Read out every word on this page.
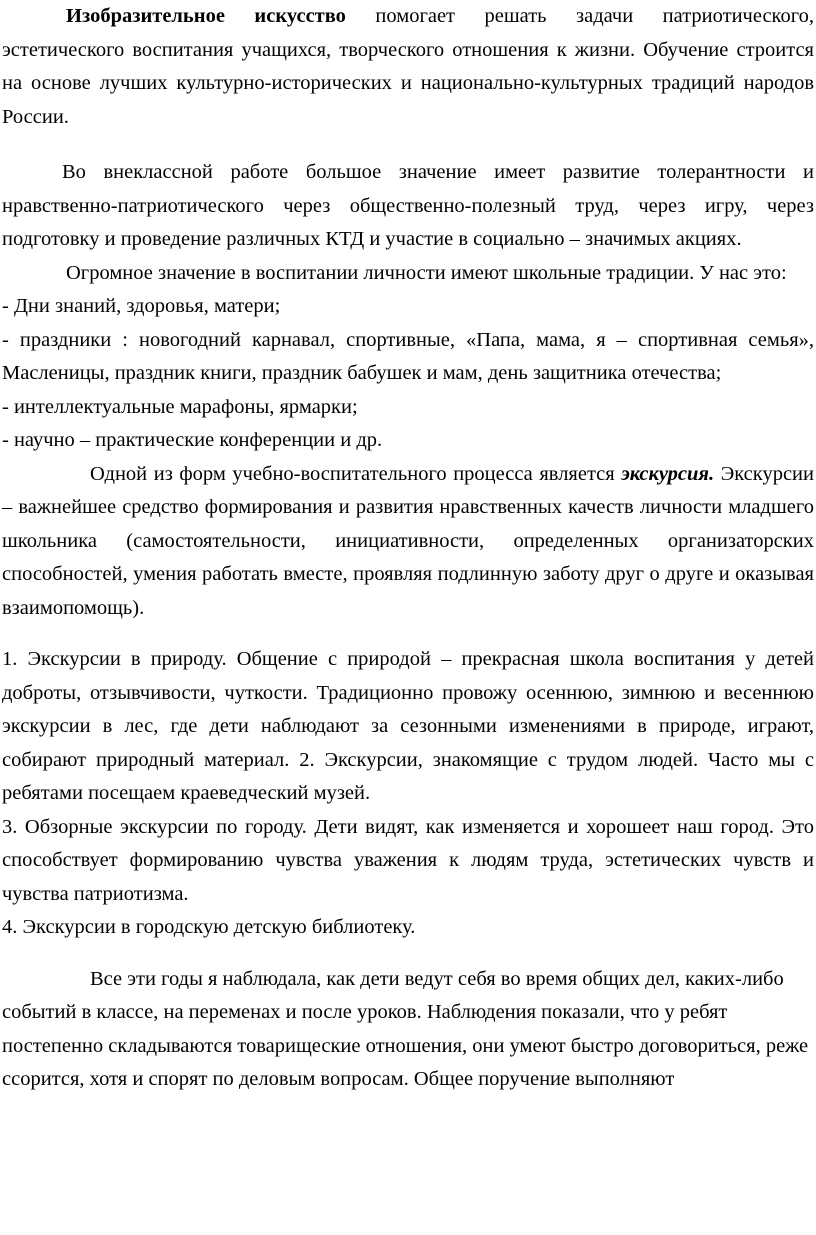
Изобразительное искусство помогает решать задачи патриотического, эстетического воспитания учащихся, творческого отношения к жизни. Обучение строится на основе лучших культурно-исторических и национально-культурных традиций народов России.

Во внеклассной работе большое значение имеет развитие толерантности и нравственно-патриотического через общественно-полезный труд, через игру, через подготовку и проведение различных КТД и участие в социально – значимых акциях.

Огромное значение в воспитании личности имеют школьные традиции. У нас это:

- Дни знаний, здоровья, матери;

- праздники : новогодний карнавал, спортивные, «Папа, мама, я – спортивная семья», Масленицы, праздник книги, праздник бабушек и мам, день защитника отечества;

- интеллектуальные марафоны, ярмарки;

- научно – практические конференции и др.

Одной из форм учебно-воспитательного процесса является экскурсия. Экскурсии – важнейшее средство формирования и развития нравственных качеств личности младшего школьника (самостоятельности, инициативности, определенных организаторских способностей, умения работать вместе, проявляя подлинную заботу друг о друге и оказывая взаимопомощь).

1. Экскурсии в природу. Общение с природой – прекрасная школа воспитания у детей доброты, отзывчивости, чуткости. Традиционно провожу осеннюю, зимнюю и весеннюю экскурсии в лес, где дети наблюдают за сезонными изменениями в природе, играют, собирают природный материал. 2. Экскурсии, знакомящие с трудом людей. Часто мы с ребятами посещаем краеведческий музей.

3. Обзорные экскурсии по городу. Дети видят, как изменяется и хорошеет наш город. Это способствует формированию чувства уважения к людям труда, эстетических чувств и чувства патриотизма.

4. Экскурсии в городскую детскую библиотеку.

Все эти годы я наблюдала, как дети ведут себя во время общих дел, каких-либо событий в классе, на переменах и после уроков. Наблюдения показали, что у ребят постепенно складываются товарищеские отношения, они умеют быстро договориться, реже ссорится, хотя и спорят по деловым вопросам. Общее поручение выполняют
